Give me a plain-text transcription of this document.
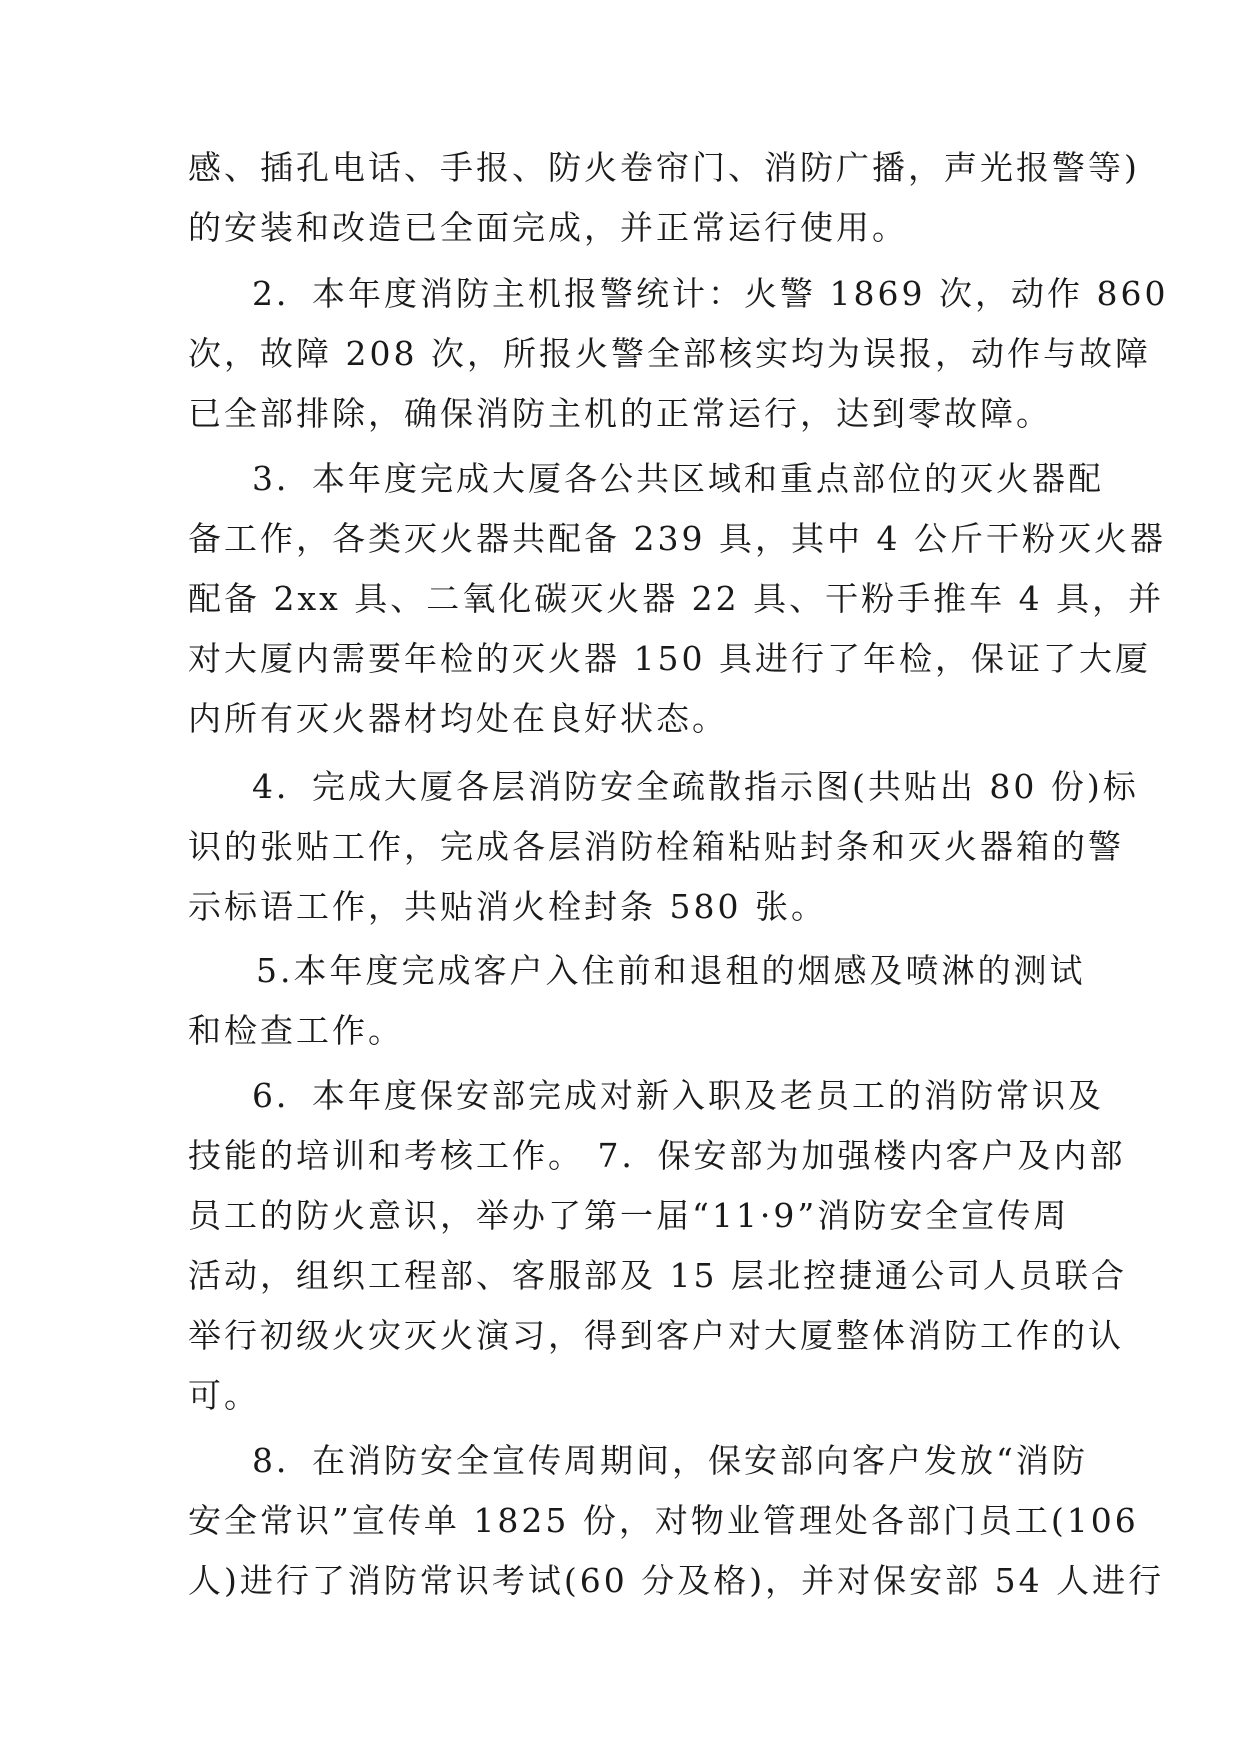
感、插孔电话、手报、防火卷帘门、消防广播，声光报警等)
的安装和改造已全面完成，并正常运行使用。
2．本年度消防主机报警统计：火警 1869 次，动作 860
次，故障 208 次，所报火警全部核实均为误报，动作与故障
已全部排除，确保消防主机的正常运行，达到零故障。
3．本年度完成大厦各公共区域和重点部位的灭火器配
备工作，各类灭火器共配备 239 具，其中 4 公斤干粉灭火器
配备 2xx 具、二氧化碳灭火器 22 具、干粉手推车 4 具，并
对大厦内需要年检的灭火器 150 具进行了年检，保证了大厦
内所有灭火器材均处在良好状态。
4．完成大厦各层消防安全疏散指示图(共贴出 80 份)标
识的张贴工作，完成各层消防栓箱粘贴封条和灭火器箱的警
示标语工作，共贴消火栓封条 580 张。
5.本年度完成客户入住前和退租的烟感及喷淋的测试
和检查工作。
6．本年度保安部完成对新入职及老员工的消防常识及
技能的培训和考核工作。 7．保安部为加强楼内客户及内部
员工的防火意识，举办了第一届“11·9”消防安全宣传周
活动，组织工程部、客服部及 15 层北控捷通公司人员联合
举行初级火灾灭火演习，得到客户对大厦整体消防工作的认
可。
8．在消防安全宣传周期间，保安部向客户发放“消防
安全常识”宣传单 1825 份，对物业管理处各部门员工(106
人)进行了消防常识考试(60 分及格)，并对保安部 54 人进行
